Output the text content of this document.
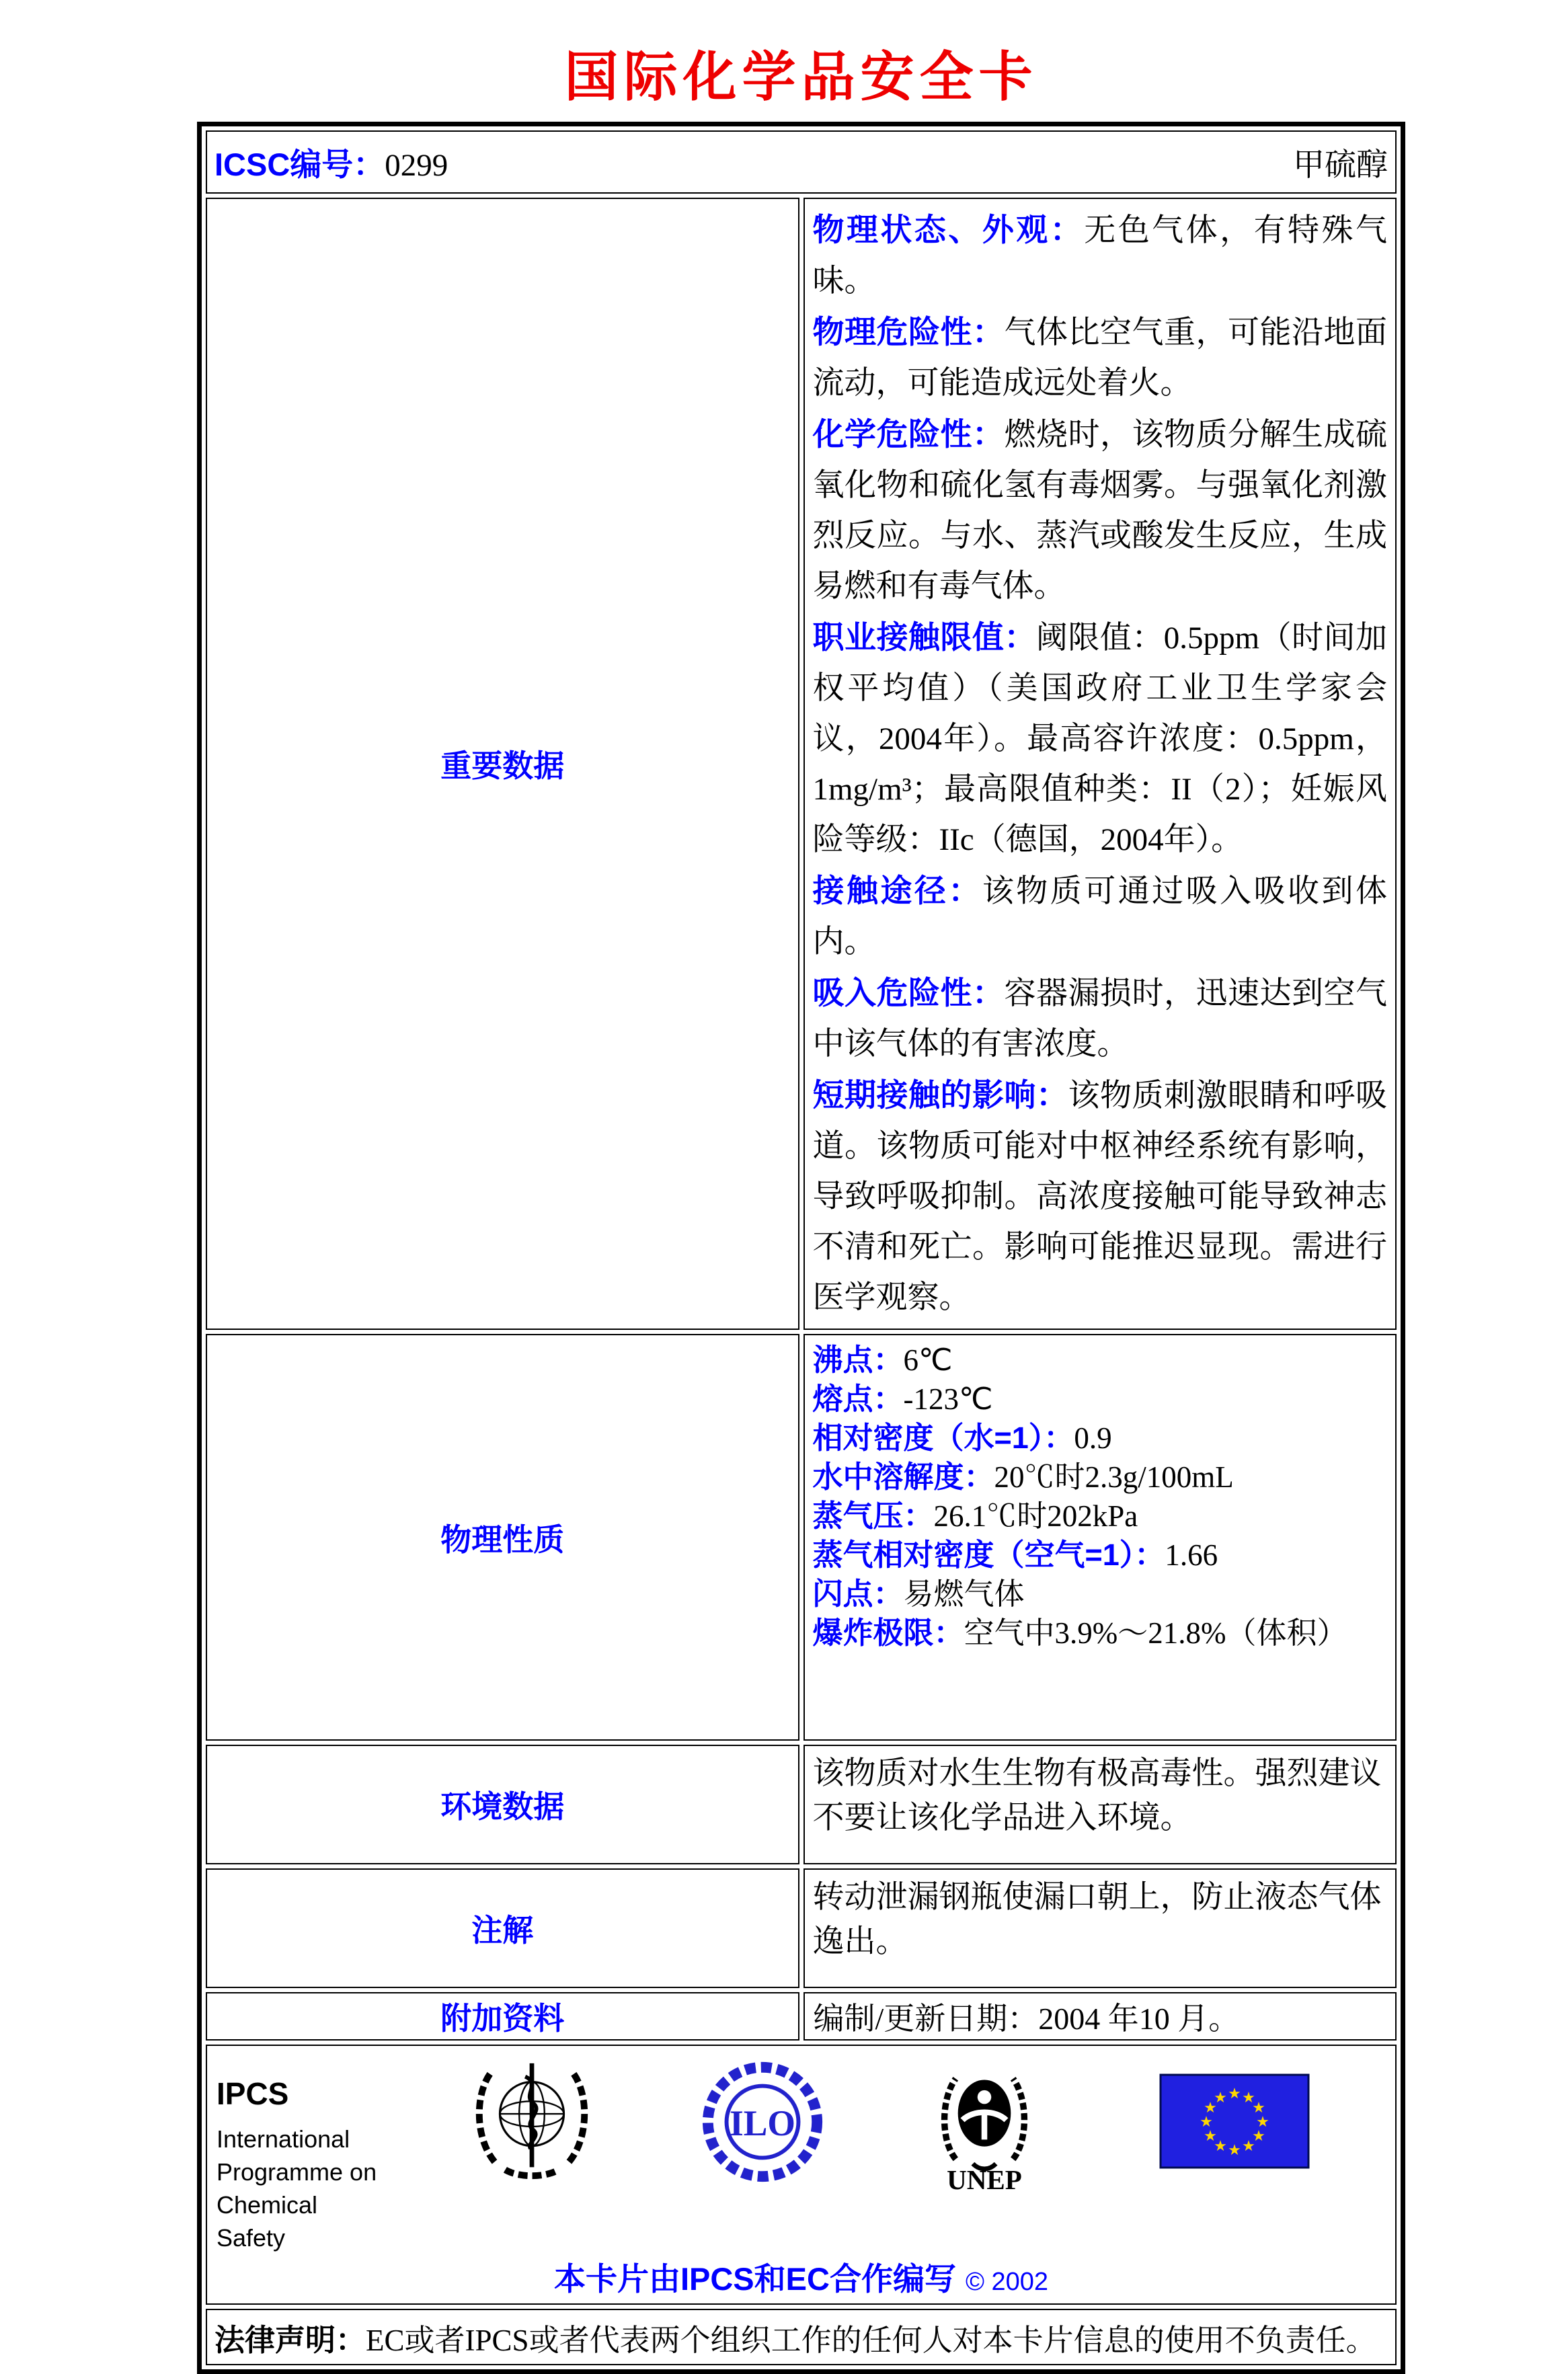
国际化学品安全卡
ICSC编号：0299 甲硫醇	

重要数据	
物理状态、外观：无色气体，有特殊气味。
物理危险性：气体比空气重，可能沿地面流动，可能造成远处着火。
化学危险性：燃烧时，该物质分解生成硫氧化物和硫化氢有毒烟雾。与强氧化剂激烈反应。与水、蒸汽或酸发生反应，生成易燃和有毒气体。
职业接触限值：阈限值：0.5ppm（时间加权平均值）（美国政府工业卫生学家会议，2004年）。最高容许浓度：0.5ppm，1mg/m³；最高限值种类：II（2）；妊娠风险等级：IIc（德国，2004年）。
接触途径：该物质可通过吸入吸收到体内。
吸入危险性：容器漏损时，迅速达到空气中该气体的有害浓度。
短期接触的影响：该物质刺激眼睛和呼吸道。该物质可能对中枢神经系统有影响，导致呼吸抑制。高浓度接触可能导致神志不清和死亡。影响可能推迟显现。需进行医学观察。

物理性质	
沸点：6℃
熔点：-123℃
相对密度（水=1）：0.9
水中溶解度：20℃时2.3g/100mL
蒸气压：26.1℃时202kPa
蒸气相对密度（空气=1）：1.66
闪点：易燃气体
爆炸极限：空气中3.9%～21.8%（体积）

环境数据	该物质对水生生物有极高毒性。强烈建议不要让该化学品进入环境。

注解	转动泄漏钢瓶使漏口朝上，防止液态气体逸出。

附加资料	编制/更新日期：2004 年10 月。

IPCS
International
Programme on
Chemical Safety
ILO
UNEP
★
★
★
★
★
★
★
★
★ ★ ★
★
本卡片由IPCS和EC合作编写 © 2002

法律声明：EC或者IPCS或者代表两个组织工作的任何人对本卡片信息的使用不负责任。	
